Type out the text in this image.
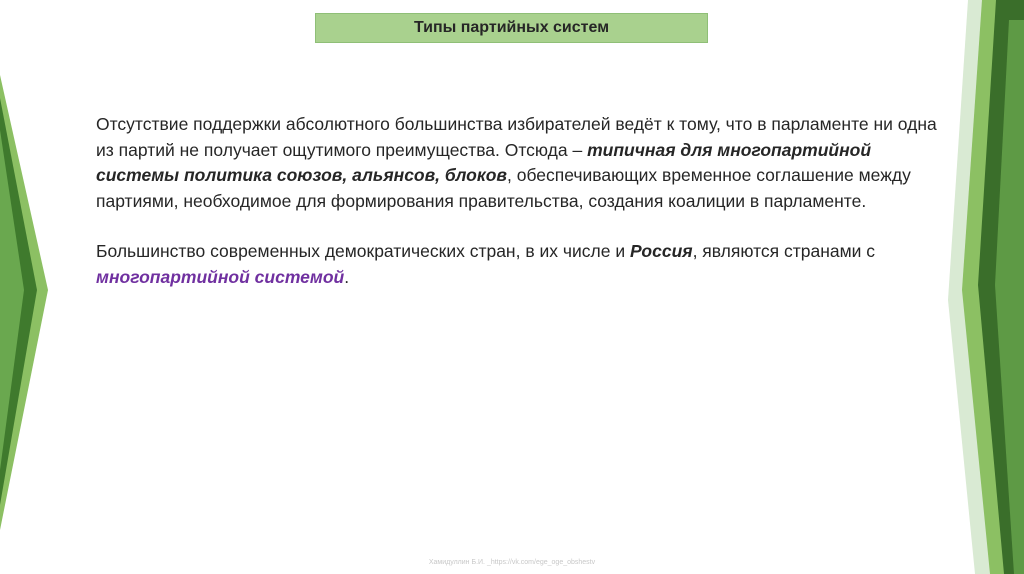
Типы партийных систем

Отсутствие поддержки абсолютного большинства избирателей ведёт к тому, что в парламенте ни одна из партий не получает ощутимого преимущества. Отсюда – типичная для многопартийной системы политика союзов, альянсов, блоков, обеспечивающих временное соглашение между партиями, необходимое для формирования правительства, создания коалиции в парламенте.

Большинство современных демократических стран, в их числе и Россия, являются странами с многопартийной системой.

Хамидуллин Б.И. _https://vk.com/ege_oge_obshestv
